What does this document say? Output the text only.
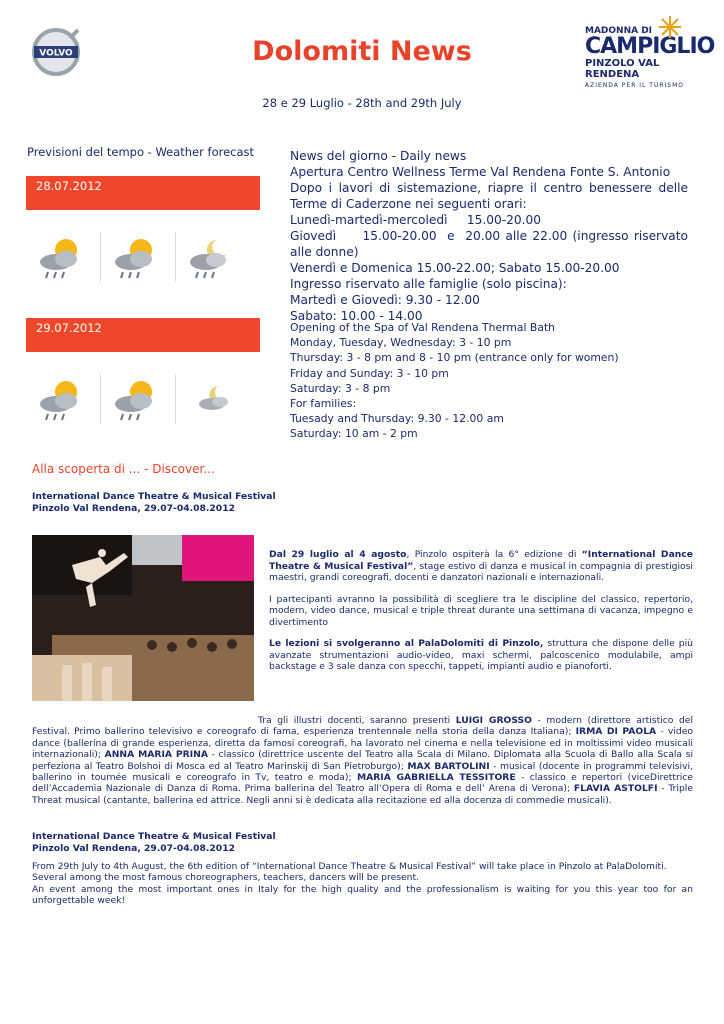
VOLVO	Dolomiti News
MADONNA DI
CAMPIGLIO
PINZOLO VAL RENDENA
AZIENDA PER IL TURISMO
28 e 29 Luglio - 28th and 29th July
Previsioni del tempo - Weather forecast
28.07.2012
29.07.2012
News del giorno - Daily news
Apertura Centro Wellness Terme Val Rendena Fonte S. Antonio
Dopo i lavori di sistemazione, riapre il centro benessere delle Terme di Caderzone nei seguenti orari:
Lunedì-martedì-mercoledì     15.00-20.00
Giovedì     15.00-20.00  e  20.00 alle 22.00 (ingresso riservato alle donne)
Venerdì e Domenica 15.00-22.00; Sabato 15.00-20.00
Ingresso riservato alle famiglie (solo piscina):
Martedì e Giovedì: 9.30 - 12.00
Sabato: 10.00 - 14.00
Opening of the Spa of Val Rendena Thermal Bath
Monday, Tuesday, Wednesday: 3 - 10 pm
Thursday: 3 - 8 pm and 8 - 10 pm (entrance only for women)
Friday and Sunday: 3 - 10 pm
Saturday: 3 - 8 pm
For families:
Tuesady and Thursday: 9.30 - 12.00 am
Saturday: 10 am - 2 pm
Alla scoperta di ... - Discover...
International Dance Theatre & Musical Festival
Pinzolo Val Rendena, 29.07-04.08.2012

Dal 29 luglio al 4 agosto, Pinzolo ospiterà la 6° edizione di “International Dance Theatre & Musical Festival”, stage estivo di danza e musical in compagnia di prestigiosi maestri, grandi coreografi, docenti e danzatori nazionali e internazionali.

I partecipanti avranno la possibilità di scegliere tra le discipline del classico, repertorio, modern, video dance, musical e triple threat durante una settimana di vacanza, impegno e divertimento

Le lezioni si svolgeranno al PalaDolomiti di Pinzolo, struttura che dispone delle più avanzate strumentazioni audio-video, maxi schermi, palcoscenico modulabile, ampi backstage e 3 sale danza con specchi, tappeti, impianti audio e pianoforti.

Tra gli illustri docenti, saranno presenti LUIGI GROSSO - modern (direttore artistico del Festival. Primo ballerino televisivo e coreografo di fama, esperienza trentennale nella storia della danza Italiana); IRMA DI PAOLA - video dance (ballerina di grande esperienza, diretta da famosi coreografi, ha lavorato nel cinema e nella televisione ed in moltissimi video musicali internazionali); ANNA MARIA PRINA - classico (direttrice uscente del Teatro alla Scala di Milano. Diplomata alla Scuola di Ballo alla Scala si perfeziona al Teatro Bolshoi di Mosca ed al Teatro Marinskij di San Pietroburgo); MAX BARTOLINI - musical (docente in programmi televisivi, ballerino in tournée musicali e coreografo in Tv, teatro e moda); MARIA GABRIELLA TESSITORE - classico e repertori (viceDirettrice dell’Accademia Nazionale di Danza di Roma. Prima ballerina del Teatro all’Opera di Roma e dell’ Arena di Verona); FLAVIA ASTOLFI - Triple Threat musical (cantante, ballerina ed attrice. Negli anni si è dedicata alla recitazione ed alla docenza di commedie musicali).
International Dance Theatre & Musical Festival
Pinzolo Val Rendena, 29.07-04.08.2012
From 29th July to 4th August, the 6th edition of “International Dance Theatre & Musical Festival” will take place in Pinzolo at PalaDolomiti.
Several among the most famous choreographers, teachers, dancers will be present.
An event among the most important ones in Italy for the high quality and the professionalism is waiting for you this year too for an unforgettable week!
